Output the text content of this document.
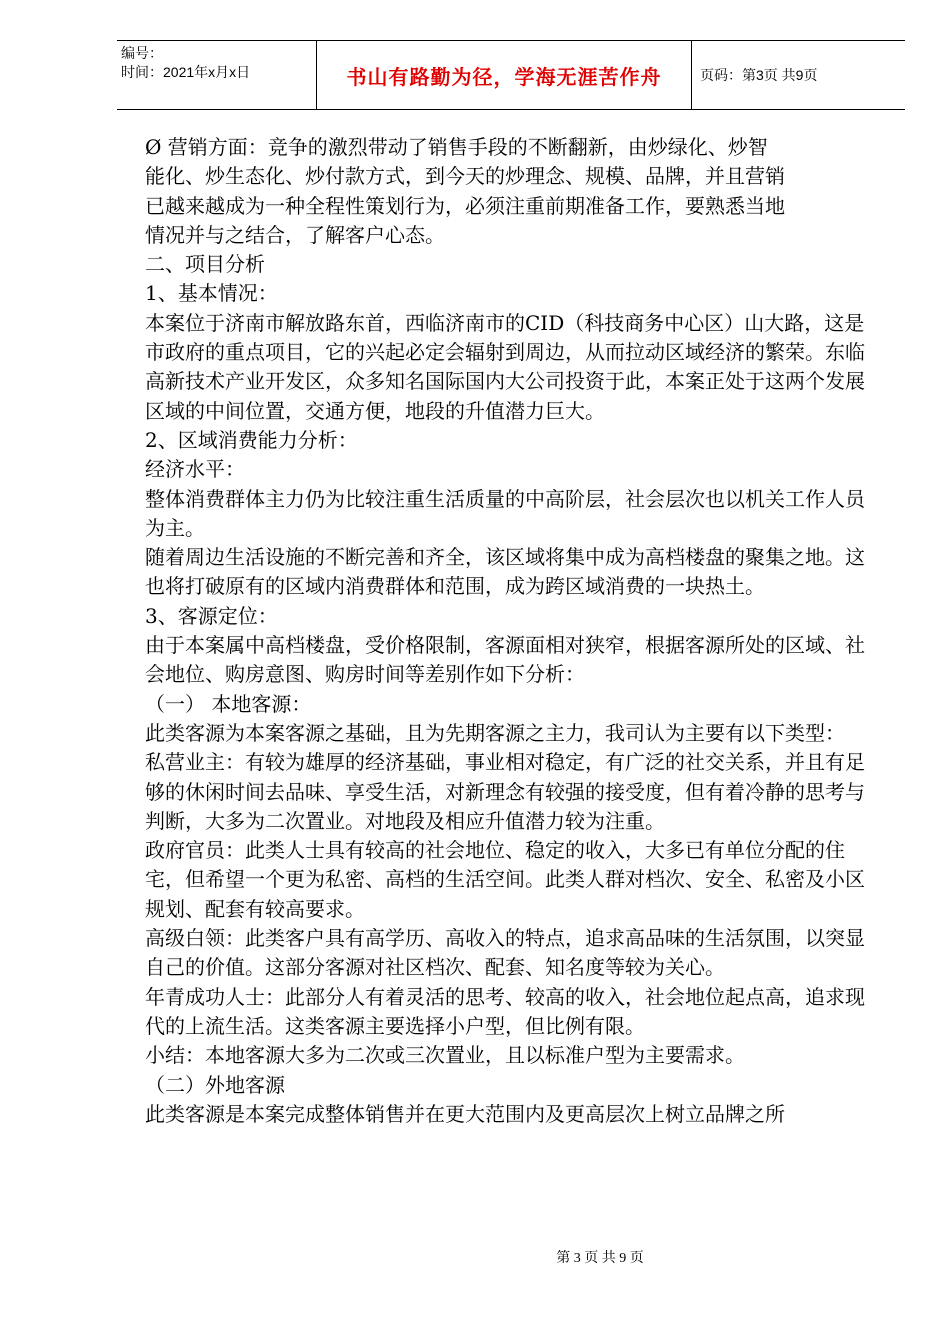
编号：
时间：2021年x月x日	书山有路勤为径，学海无涯苦作舟	页码：第3页 共9页

Ø 营销方面：竞争的激烈带动了销售手段的不断翻新，由炒绿化、炒智能化、炒生态化、炒付款方式，到今天的炒理念、规模、品牌，并且营销已越来越成为一种全程性策划行为，必须注重前期准备工作，要熟悉当地情况并与之结合，了解客户心态。

二、项目分析

1、基本情况：

本案位于济南市解放路东首，西临济南市的CID（科技商务中心区）山大路，这是市政府的重点项目，它的兴起必定会辐射到周边，从而拉动区域经济的繁荣。东临高新技术产业开发区，众多知名国际国内大公司投资于此，本案正处于这两个发展区域的中间位置，交通方便，地段的升值潜力巨大。

2、区域消费能力分析：

经济水平：

整体消费群体主力仍为比较注重生活质量的中高阶层，社会层次也以机关工作人员为主。

随着周边生活设施的不断完善和齐全，该区域将集中成为高档楼盘的聚集之地。这也将打破原有的区域内消费群体和范围，成为跨区域消费的一块热土。

3、客源定位：

由于本案属中高档楼盘，受价格限制，客源面相对狭窄，根据客源所处的区域、社会地位、购房意图、购房时间等差别作如下分析：

（一） 本地客源：

此类客源为本案客源之基础，且为先期客源之主力，我司认为主要有以下类型：

私营业主：有较为雄厚的经济基础，事业相对稳定，有广泛的社交关系，并且有足够的休闲时间去品味、享受生活，对新理念有较强的接受度，但有着冷静的思考与判断，大多为二次置业。对地段及相应升值潜力较为注重。

政府官员：此类人士具有较高的社会地位、稳定的收入，大多已有单位分配的住宅，但希望一个更为私密、高档的生活空间。此类人群对档次、安全、私密及小区规划、配套有较高要求。

高级白领：此类客户具有高学历、高收入的特点，追求高品味的生活氛围，以突显自己的价值。这部分客源对社区档次、配套、知名度等较为关心。

年青成功人士：此部分人有着灵活的思考、较高的收入，社会地位起点高，追求现代的上流生活。这类客源主要选择小户型，但比例有限。

小结：本地客源大多为二次或三次置业，且以标准户型为主要需求。

（二）外地客源

此类客源是本案完成整体销售并在更大范围内及更高层次上树立品牌之所

第 3 页 共 9 页
